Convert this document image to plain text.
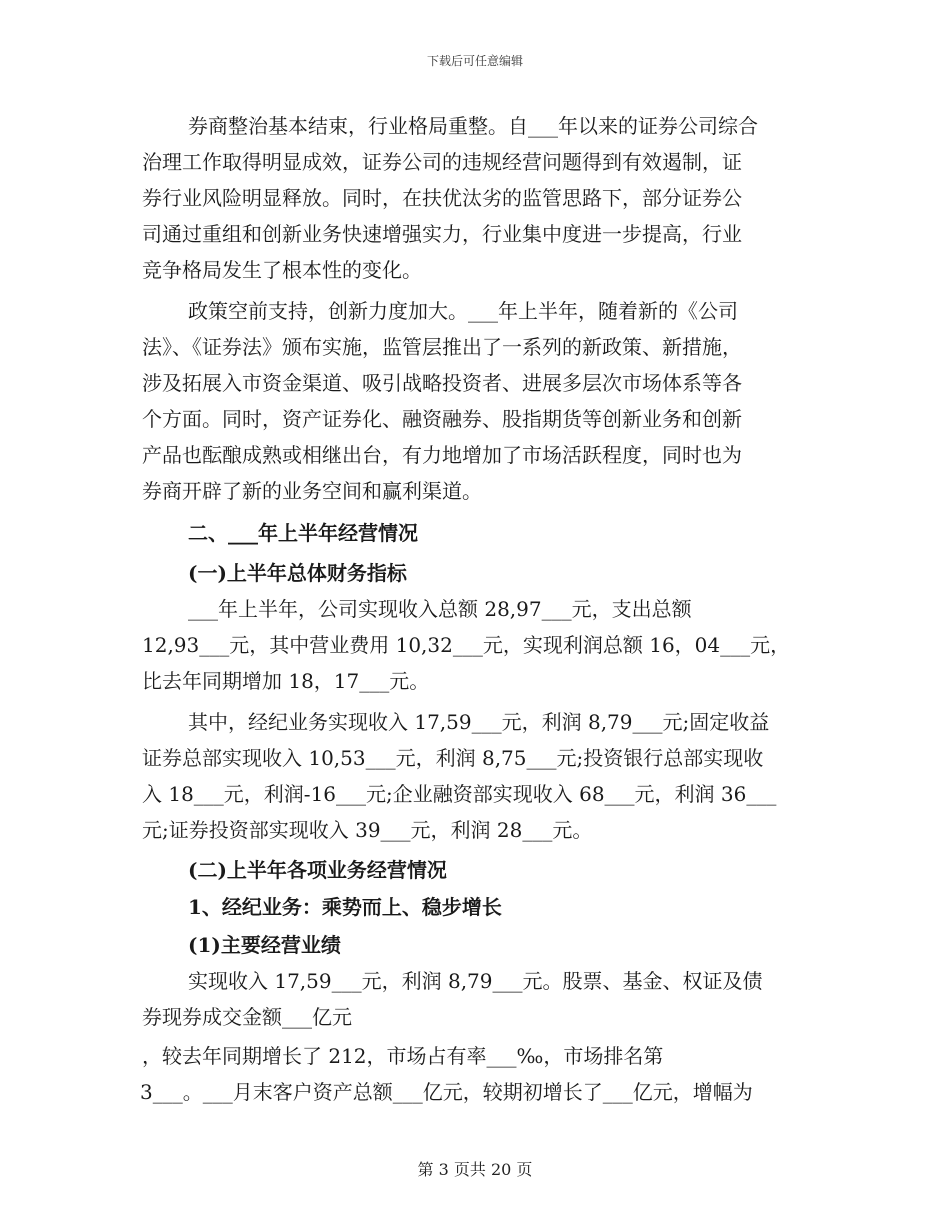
下载后可任意编辑
券商整治基本结束，行业格局重整。自___年以来的证券公司综合
治理工作取得明显成效，证券公司的违规经营问题得到有效遏制，证
券行业风险明显释放。同时，在扶优汰劣的监管思路下，部分证券公
司通过重组和创新业务快速增强实力，行业集中度进一步提高，行业
竞争格局发生了根本性的变化。
政策空前支持，创新力度加大。___年上半年，随着新的《公司
法》、《证券法》颁布实施，监管层推出了一系列的新政策、新措施，
涉及拓展入市资金渠道、吸引战略投资者、进展多层次市场体系等各
个方面。同时，资产证券化、融资融券、股指期货等创新业务和创新
产品也酝酿成熟或相继出台，有力地增加了市场活跃程度，同时也为
券商开辟了新的业务空间和赢利渠道。
二、___年上半年经营情况
(一)上半年总体财务指标
___年上半年，公司实现收入总额 28,97___元，支出总额
12,93___元，其中营业费用 10,32___元，实现利润总额 16，04___元，
比去年同期增加 18，17___元。
其中，经纪业务实现收入 17,59___元，利润 8,79___元;固定收益
证券总部实现收入 10,53___元，利润 8,75___元;投资银行总部实现收
入 18___元，利润-16___元;企业融资部实现收入 68___元，利润 36___
元;证券投资部实现收入 39___元，利润 28___元。
(二)上半年各项业务经营情况
1、经纪业务：乘势而上、稳步增长
(1)主要经营业绩
实现收入 17,59___元，利润 8,79___元。股票、基金、权证及债
券现券成交金额___亿元
，较去年同期增长了 212，市场占有率___‰，市场排名第
3___。___月末客户资产总额___亿元，较期初增长了___亿元，增幅为
第 3 页共 20 页
